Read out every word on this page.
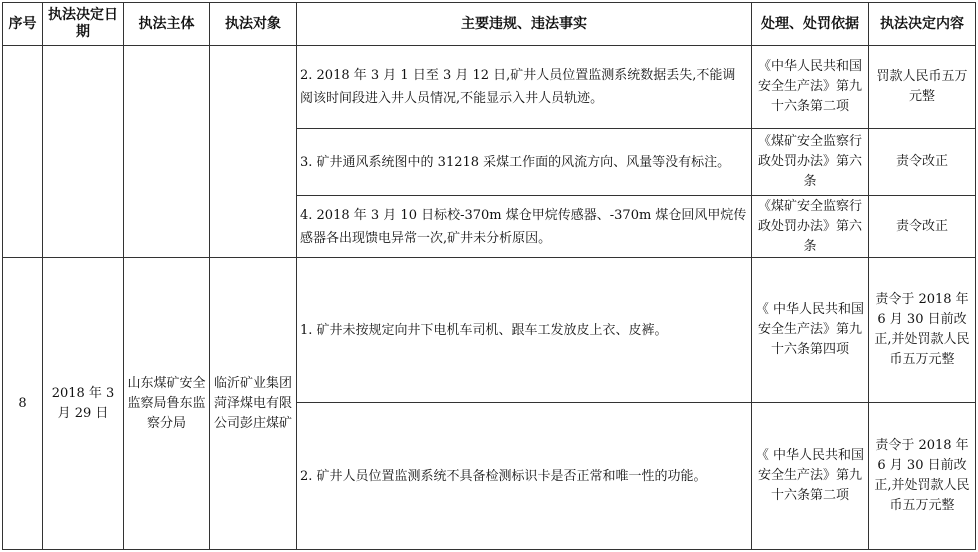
序号	执法决定日期	执法主体	执法对象	主要违规、违法事实	处理、处罚依据	执法决定内容
				2. 2018 年 3 月 1 日至 3 月 12 日,矿井人员位置监测系统数据丢失,不能调阅该时间段进入井人员情况,不能显示入井人员轨迹。	《中华人民共和国安全生产法》第九十六条第二项	罚款人民币五万元整
				3. 矿井通风系统图中的 31218 采煤工作面的风流方向、风量等没有标注。	《煤矿安全监察行政处罚办法》第六条	责令改正
				4. 2018 年 3 月 10 日标校-370m 煤仓甲烷传感器、-370m 煤仓回风甲烷传感器各出现馈电异常一次,矿井未分析原因。	《煤矿安全监察行政处罚办法》第六条	责令改正
8	2018 年 3 月 29 日	山东煤矿安全监察局鲁东监察分局	临沂矿业集团菏泽煤电有限公司彭庄煤矿	1. 矿井未按规定向井下电机车司机、跟车工发放皮上衣、皮裤。	《 中华人民共和国安全生产法》第九十六条第四项	责令于 2018 年 6 月 30 日前改正,并处罚款人民币五万元整
				2. 矿井人员位置监测系统不具备检测标识卡是否正常和唯一性的功能。	《 中华人民共和国安全生产法》第九十六条第二项	责令于 2018 年 6 月 30 日前改正,并处罚款人民币五万元整
